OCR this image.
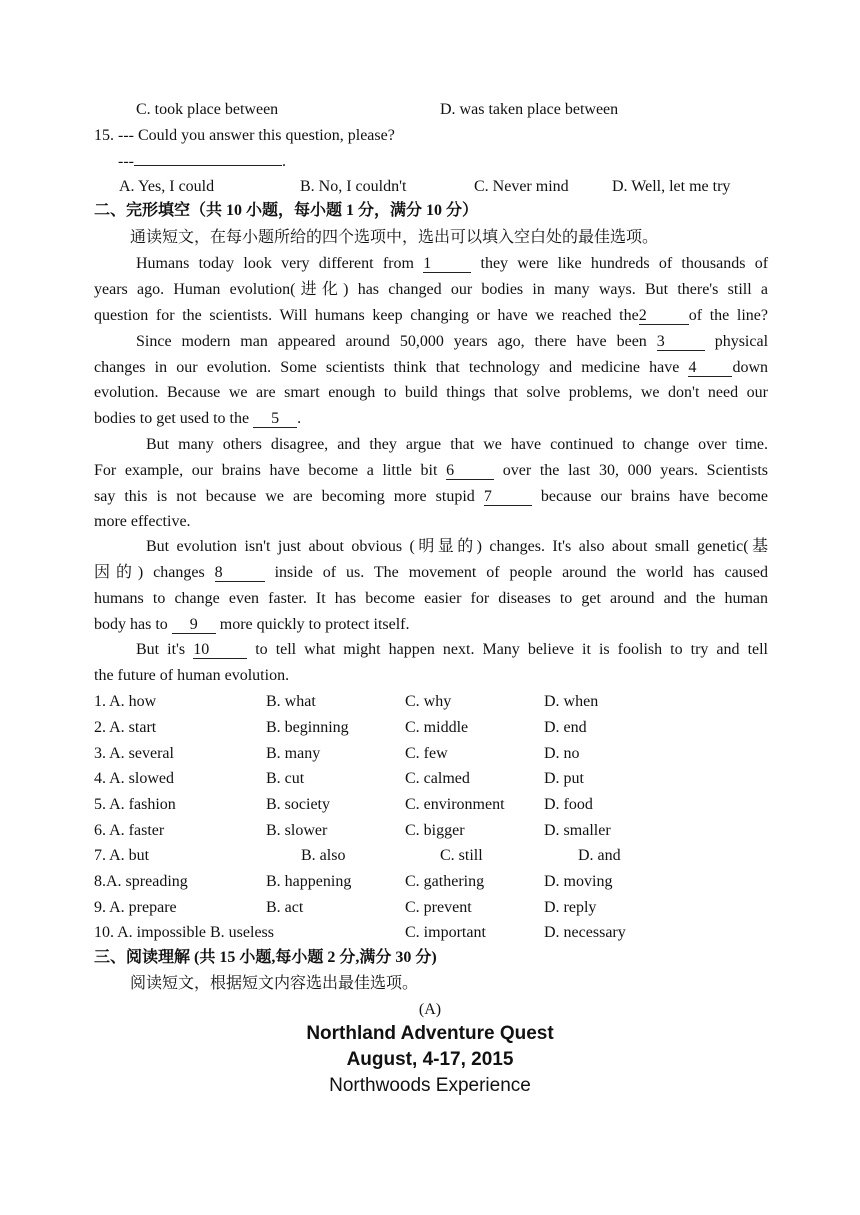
C. took place between	D. was taken place between
15. --- Could you answer this question, please?
---	.
A. Yes, I could	B. No, I couldn't	C. Never mind	D. Well, let me try
二、完形填空（共 10 小题，每小题 1 分，满分 10 分）
通读短文，在每小题所给的四个选项中，选出可以填入空白处的最佳选项。
Humans today look very different from 1	they were like hundreds of thousands of
years ago. Human evolution(进化) has changed our bodies in many ways. But there's still a
question for the scientists. Will humans keep changing or have we reached the2	of the line?
Since modern man appeared around 50,000 years ago, there have been 3	physical
changes in our evolution. Some scientists think that technology and medicine have 4 down
evolution. Because we are smart enough to build things that solve problems, we don't need our
bodies to get used to the 5 .
But many others disagree, and they argue that we have continued to change over time.
For example, our brains have become a little bit 6	over the last 30, 000 years. Scientists
say this is not because we are becoming more stupid 7	because our brains have become
more effective.
But evolution isn't just about obvious (明显的) changes. It's also about small genetic(基
因的) changes 8	inside of us. The movement of people around the world has caused
humans to change even faster. It has become easier for diseases to get around and the human
body has to 9 more quickly to protect itself.
But it's 10	to tell what might happen next. Many believe it is foolish to try and tell
the future of human evolution.
1. A. how	B. what	C. why	D. when
2. A. start	B. beginning	C. middle	D. end
3. A. several	B. many	C. few	D. no
4. A. slowed	B. cut	C. calmed	D. put
5. A. fashion	B. society	C. environment D. food
6. A. faster	B. slower	C. bigger	D. smaller
7. A. but	B. also	C. still	D. and
8.A. spreading	B. happening	C. gathering	D. moving
9. A. prepare	B. act	C. prevent	D. reply
10. A. impossible B. useless	C. important	D. necessary
三、阅读理解 (共 15 小题,每小题 2 分,满分 30 分)
阅读短文，根据短文内容选出最佳选项。
(A)
Northland Adventure Quest
August, 4-17, 2015
Northwoods Experience
